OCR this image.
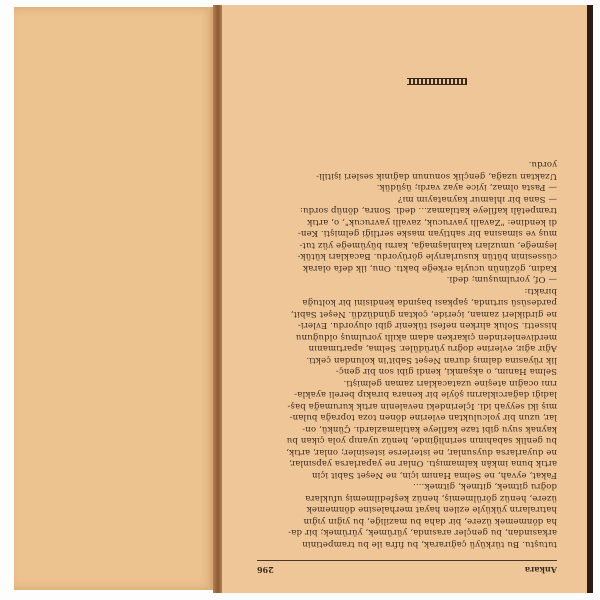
Ankara
296
tutuştu. Bu türküyü çağırarak, bu fıfra ile bu trampetinin
arkasından, bu gençler arasında, yürümek, yürümek; bir da-
ha dönmemek üzere, bir daha bu maziliğe, bu yığın yığın
hatıraların yüküyle ezilen hayat merhalesine dönmemek
üzere, henüz görülmemiş, henüz keşfedilmemiş ufuklara
doğru gitmek, gitmek, gitmek....
Fakat, eyvah, ne Selma Hanım için, ne Neşet Sabit için
artık buna imkân kalmamıştı. Onlar ne yaparlarsa yapsınlar,
ne duyarlarsa duysunlar, ne isterlerse istesinler; onlar, artık,
bu genlik sabahının serinliğinde, henüz uyanıp yola çıkan bu
kaynak suyu gibi taze kafileye katılamazlardı. Çünkü, on-
lar, uzun bir yolculuktan evlerine dönen toza toprağa bulan-
mış iki seyyah idi. İçlerindeki nevalenin artık kurumağa baş-
ladığı dağarcıklarını şöyle bir kenara bırakıp bereli ayakla-
rını ocağın ateşine uzatacakları zaman gelmişti.
Selma Hanım, o akşamki, kendi gibi son bir genç-
lik rüyasına dalmış duran Neşet Sabit'in kolundan çekti.
Ağır ağır, evlerine doğru yürüdüler. Selma, apartımanın
merdivenlerinden çıkarken adam akıllı yorulmuş olduğunu
hissetti. Soluk alırken nefesi tükenir gibi oluyordu. Evleri-
ne girdikleri zaman, içeride, çoktan gündüzdü. Neşet Sabit,
pardesüsü sırtında, şapkası başında kendisini bir koltuğa
bıraktı:
— Of, yorulmuşum; dedi.
Kadın, gözünün ucuyla erkeğe baktı. Onu, ilk defa olarak
cüssesinin bütün kusurlarıyle görüyordu. Bacakları kütük-
leşmeğe, umuzları kalınlaşmağa, karnı büyümeğe yüz tut-
muş ve simasına bir sahtiyan maske sertliği gelmişti. Ken-
di kendine: "Zavallı yavrucuk, zavallı yavrucuk", o, artık
trampetâlı kafileye katılamaz... dedi. Sonra, dönüp sordu:
— Sana bir ıhlamur kaynatayım mı?
— Pasta olmaz, iyice ayaz vardı; üşüdük.
Uzaktan uzağa, gençlik sonunun dağınık sesleri işitili-
yordu.
